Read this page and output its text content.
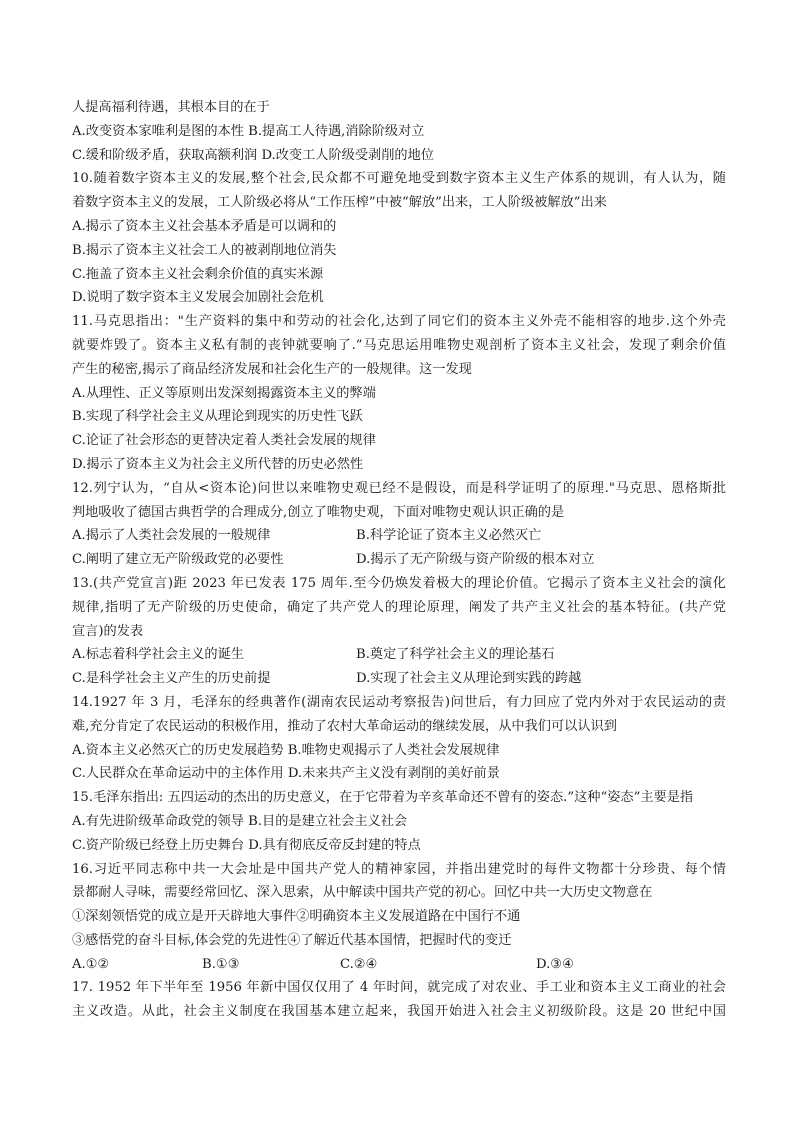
人提高福利待遇，其根本目的在于
A.改变资本家唯利是图的本性 B.提高工人待遇,消除阶级对立
C.缓和阶级矛盾，获取高额利润 D.改变工人阶级受剥削的地位
10.随着数字资本主义的发展,整个社会,民众都不可避免地受到数字资本主义生产体系的规训，有人认为，随
着数字资本主义的发展，工人阶级必将从“工作压榨”中被“解放”出来，工人阶级被解放”出来
A.揭示了资本主义社会基本矛盾是可以调和的
B.揭示了资本主义社会工人的被剥削地位消失
C.拖盖了资本主义社会剩余价值的真实米源
D.说明了数字资本主义发展会加剧社会危机
11.马克思指出："生产资料的集中和劳动的社会化,达到了同它们的资本主义外壳不能相容的地步.这个外壳
就要炸毁了。资本主义私有制的丧钟就要响了.”马克思运用唯物史观剖析了资本主义社会，发现了剩余价值
产生的秘密,揭示了商品经济发展和社会化生产的一般规律。这一发现
A.从理性、正义等原则出发深刻揭露资本主义的弊端
B.实现了科学社会主义从理论到现实的历史性飞跃
C.论证了社会形态的更替决定着人类社会发展的规律
D.揭示了资本主义为社会主义所代替的历史必然性
12.列宁认为，“自从<资本论)问世以来唯物史观已经不是假设，而是科学证明了的原理."马克思、恩格斯批
判地吸收了德国古典哲学的合理成分,创立了唯物史观，下面对唯物史观认识正确的是
A.揭示了人类社会发展的一般规律	B.科学论证了资本主义必然灭亡
C.阐明了建立无产阶级政党的必要性	D.揭示了无产阶级与资产阶级的根本对立
13.(共产党宣言)距 2023 年已发表 175 周年.至今仍焕发着极大的理论价值。它揭示了资本主义社会的演化
规律,指明了无产阶级的历史使命，确定了共产党人的理论原理，阐发了共产主义社会的基本特征。(共产党
宣言)的发表
A.标志着科学社会主义的诞生	B.奠定了科学社会主义的理论基石
C.是科学社会主义产生的历史前提	D.实现了社会主义从理论到实践的跨越
14.1927 年 3 月，毛泽东的经典著作(湖南农民运动考察报告)问世后，有力回应了党内外对于农民运动的责
难,充分肯定了农民运动的积极作用，推动了农村大革命运动的继续发展，从中我们可以认识到
A.资本主义必然灭亡的历史发展趋势 B.唯物史观揭示了人类社会发展规律
C.人民群众在革命运动中的主体作用 D.未来共产主义没有剥削的美好前景
15.毛泽东指出: 五四运动的杰出的历史意义，在于它带着为辛亥革命还不曾有的姿态.”这种“姿态”主要是指
A.有先进阶级革命政党的领导 B.目的是建立社会主义社会
C.资产阶级已经登上历史舞台 D.具有彻底反帝反封建的特点
16.习近平同志称中共一大会址是中国共产党人的精神家园，并指出建党时的每件文物都十分珍贵、每个情
景都耐人寻味，需要经常回忆、深入思索，从中解读中国共产党的初心。回忆中共一大历史文物意在
①深刻领悟党的成立是开天辟地大事件②明确资本主义发展道路在中国行不通
③感悟党的奋斗目标,体会党的先进性④了解近代基本国情，把握时代的变迁
A.①②	B.①③	C.②④	D.③④
17. 1952 年下半年至 1956 年新中国仅仅用了 4 年时间，就完成了对农业、手工业和资本主义工商业的社会
主义改造。从此，社会主义制度在我国基本建立起来，我国开始进入社会主义初级阶段。这是 20 世纪中国
